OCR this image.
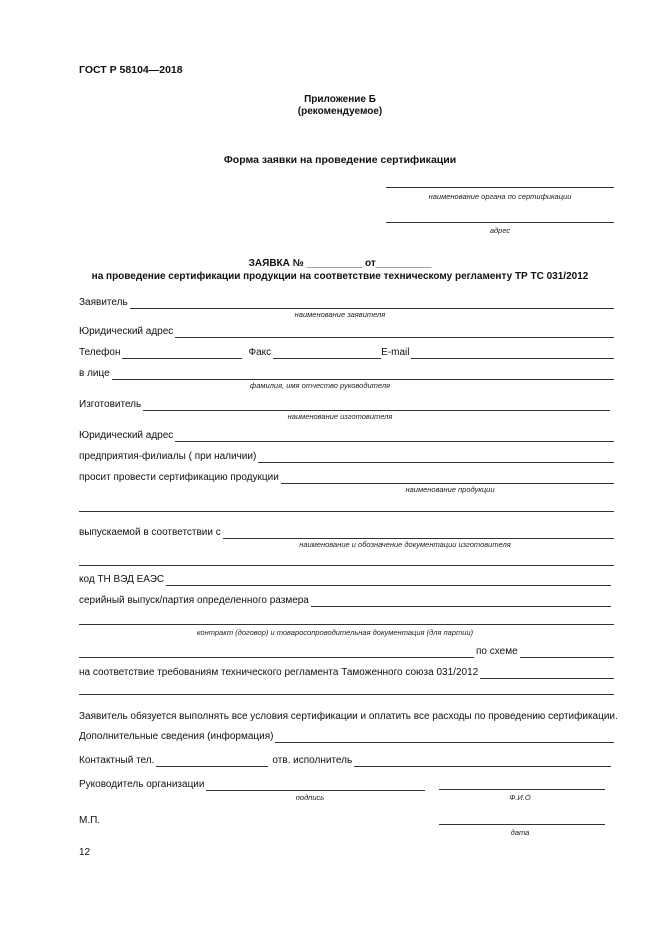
ГОСТ Р 58104—2018
Приложение Б
(рекомендуемое)
Форма заявки на проведение сертификации
наименование органа по сертификации
адрес
ЗАЯВКА № __________ от__________
на проведение сертификации продукции на соответствие техническому регламенту ТР ТС 031/2012
Заявитель
наименование заявителя
Юридический адрес
Телефон	Факс	E-mail
в лице
фамилия, имя отчество руководителя
Изготовитель
наименование изготовителя
Юридический адрес
предприятия-филиалы ( при наличии)
просит провести сертификацию продукции
наименование продукции
выпускаемой в соответствии с
наименование и обозначение документации изготовителя
код ТН ВЭД ЕАЭС
серийный выпуск/партия определенного размера
контракт (договор) и товаросопроводительная документация (для партии)
по схеме
на соответствие требованиям технического регламента Таможенного союза 031/2012
Заявитель обязуется выполнять все условия сертификации и оплатить все расходы по проведению сертификации.
Дополнительные сведения (информация)
Контактный тел.	отв. исполнитель
Руководитель организации
подпись	Ф.И.О
М.П.
дата
12
